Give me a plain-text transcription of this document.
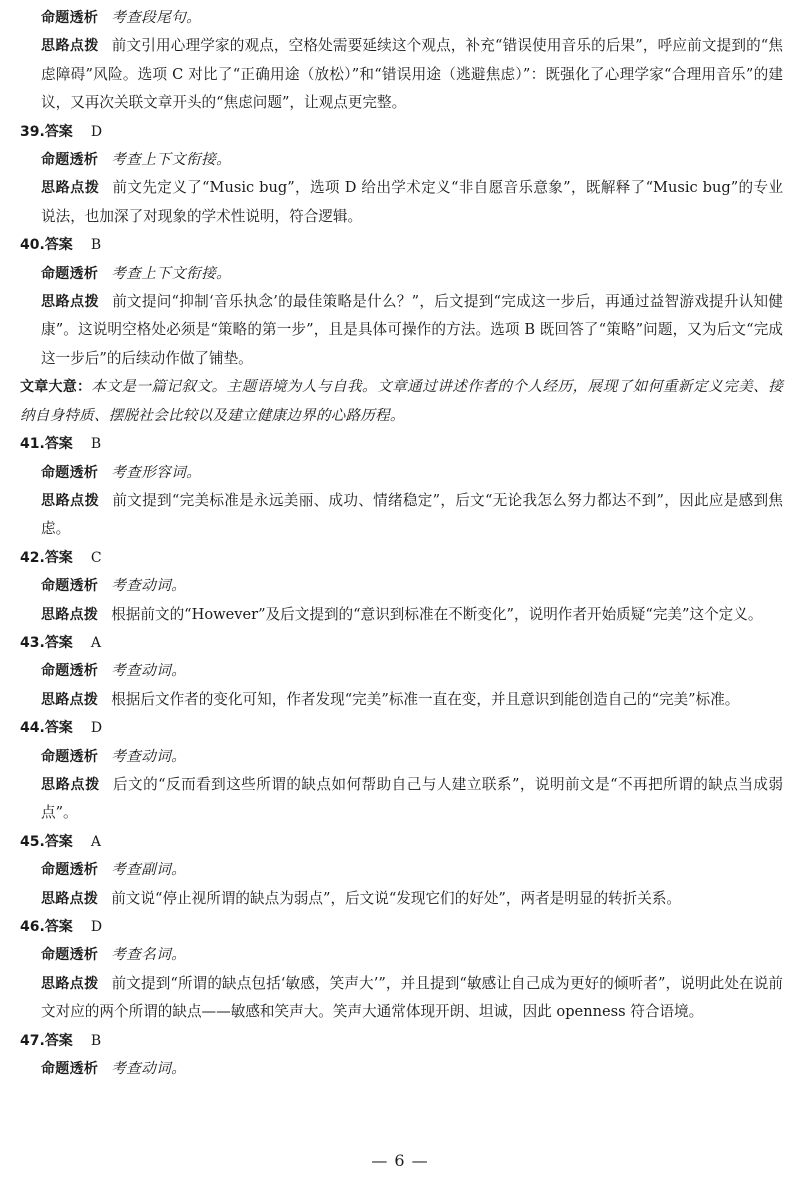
命题透析 考查段尾句。
思路点拨 前文引用心理学家的观点，空格处需要延续这个观点，补充“错误使用音乐的后果”，呼应前文提到的“焦虑障碍”风险。选项 C 对比了“正确用途（放松）”和“错误用途（逃避焦虑）”：既强化了心理学家“合理用音乐”的建议，又再次关联文章开头的“焦虑问题”，让观点更完整。
39.答案 D
命题透析 考查上下文衔接。
思路点拨 前文先定义了“Music bug”，选项 D 给出学术定义“非自愿音乐意象”，既解释了“Music bug”的专业说法，也加深了对现象的学术性说明，符合逻辑。
40.答案 B
命题透析 考查上下文衔接。
思路点拨 前文提问“抑制‘音乐执念’的最佳策略是什么？”，后文提到“完成这一步后，再通过益智游戏提升认知健康”。这说明空格处必须是“策略的第一步”，且是具体可操作的方法。选项 B 既回答了“策略”问题，又为后文“完成这一步后”的后续动作做了铺垫。
文章大意：本文是一篇记叙文。主题语境为人与自我。文章通过讲述作者的个人经历，展现了如何重新定义完美、接纳自身特质、摆脱社会比较以及建立健康边界的心路历程。
41.答案 B
命题透析 考查形容词。
思路点拨 前文提到“完美标准是永远美丽、成功、情绪稳定”，后文“无论我怎么努力都达不到”，因此应是感到焦虑。
42.答案 C
命题透析 考查动词。
思路点拨 根据前文的“However”及后文提到的“意识到标准在不断变化”，说明作者开始质疑“完美”这个定义。
43.答案 A
命题透析 考查动词。
思路点拨 根据后文作者的变化可知，作者发现“完美”标准一直在变，并且意识到能创造自己的“完美”标准。
44.答案 D
命题透析 考查动词。
思路点拨 后文的“反而看到这些所谓的缺点如何帮助自己与人建立联系”，说明前文是“不再把所谓的缺点当成弱点”。
45.答案 A
命题透析 考查副词。
思路点拨 前文说“停止视所谓的缺点为弱点”，后文说“发现它们的好处”，两者是明显的转折关系。
46.答案 D
命题透析 考查名词。
思路点拨 前文提到“所谓的缺点包括‘敏感，笑声大’”，并且提到“敏感让自己成为更好的倾听者”，说明此处在说前文对应的两个所谓的缺点——敏感和笑声大。笑声大通常体现开朗、坦诚，因此 openness 符合语境。
47.答案 B
命题透析 考查动词。
— 6 —
